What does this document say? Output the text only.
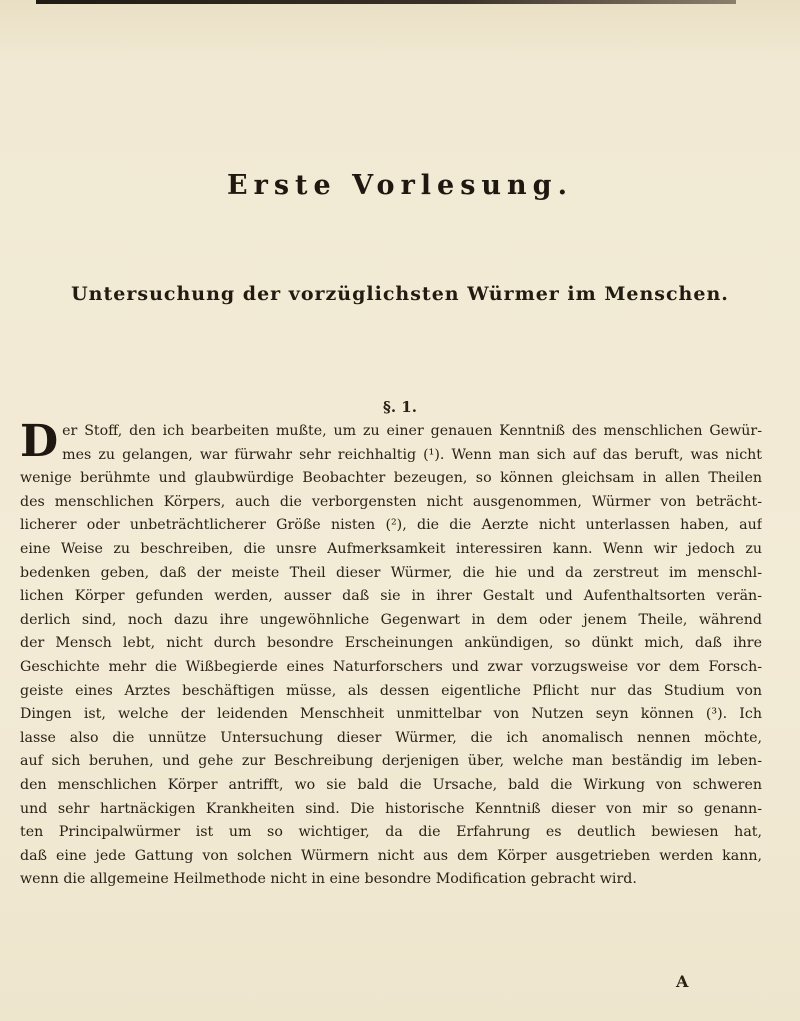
Erste Vorlesung.
Untersuchung der vorzüglichsten Würmer im Menschen.
§. 1.
D er Stoff, den ich bearbeiten mußte, um zu einer genauen Kenntniß des menschlichen Gewür-
mes zu gelangen, war fürwahr sehr reichhaltig (¹). Wenn man sich auf das beruft, was nicht
wenige berühmte und glaubwürdige Beobachter bezeugen, so können gleichsam in allen Theilen
des menschlichen Körpers, auch die verborgensten nicht ausgenommen, Würmer von beträcht-
licherer oder unbeträchtlicherer Größe nisten (²), die die Aerzte nicht unterlassen haben, auf
eine Weise zu beschreiben, die unsre Aufmerksamkeit interessiren kann. Wenn wir jedoch zu
bedenken geben, daß der meiste Theil dieser Würmer, die hie und da zerstreut im menschl-
lichen Körper gefunden werden, ausser daß sie in ihrer Gestalt und Aufenthaltsorten verän-
derlich sind, noch dazu ihre ungewöhnliche Gegenwart in dem oder jenem Theile, während
der Mensch lebt, nicht durch besondre Erscheinungen ankündigen, so dünkt mich, daß ihre
Geschichte mehr die Wißbegierde eines Naturforschers und zwar vorzugsweise vor dem Forsch-
geiste eines Arztes beschäftigen müsse, als dessen eigentliche Pflicht nur das Studium von
Dingen ist, welche der leidenden Menschheit unmittelbar von Nutzen seyn können (³). Ich
lasse also die unnütze Untersuchung dieser Würmer, die ich anomalisch nennen möchte,
auf sich beruhen, und gehe zur Beschreibung derjenigen über, welche man beständig im leben-
den menschlichen Körper antrifft, wo sie bald die Ursache, bald die Wirkung von schweren
und sehr hartnäckigen Krankheiten sind. Die historische Kenntniß dieser von mir so genann-
ten Principalwürmer ist um so wichtiger, da die Erfahrung es deutlich bewiesen hat,
daß eine jede Gattung von solchen Würmern nicht aus dem Körper ausgetrieben werden kann,
wenn die allgemeine Heilmethode nicht in eine besondre Modification gebracht wird.
A
